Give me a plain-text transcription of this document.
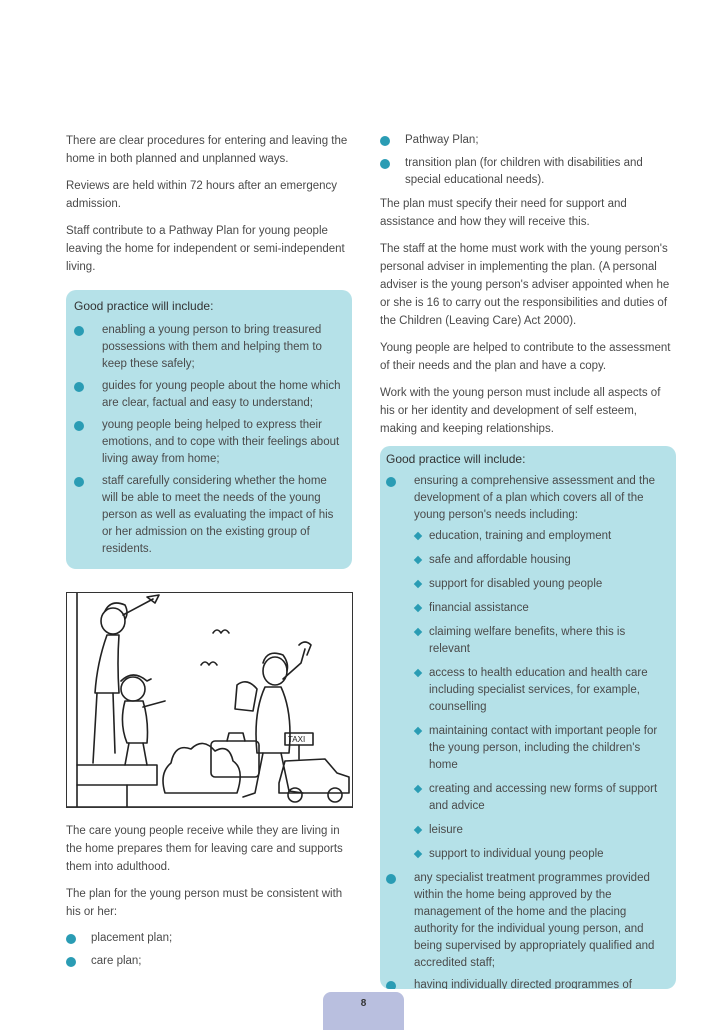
There are clear procedures for entering and leaving the home in both planned and unplanned ways.

Reviews are held within 72 hours after an emergency admission.

Staff contribute to a Pathway Plan for young people leaving the home for independent or semi-independent living.

Good practice will include:
enabling a young person to bring treasured possessions with them and helping them to keep these safely;
guides for young people about the home which are clear, factual and easy to understand;
young people being helped to express their emotions, and to cope with their feelings about living away from home;
staff carefully considering whether the home will be able to meet the needs of the young person as well as evaluating the impact of his or her admission on the existing group of residents.
TAXI

The care young people receive while they are living in the home prepares them for leaving care and supports them into adulthood.

The plan for the young person must be consistent with his or her:

placement plan;
care plan;
Pathway Plan;
transition plan (for children with disabilities and special educational needs).

The plan must specify their need for support and assistance and how they will receive this.

The staff at the home must work with the young person's personal adviser in implementing the plan. (A personal adviser is the young person's adviser appointed when he or she is 16 to carry out the responsibilities and duties of the Children (Leaving Care) Act 2000).

Young people are helped to contribute to the assessment of their needs and the plan and have a copy.

Work with the young person must include all aspects of his or her identity and development of self esteem, making and keeping relationships.

Good practice will include:
ensuring a comprehensive assessment and the development of a plan which covers all of the young person's needs including:
education, training and employment
safe and affordable housing
support for disabled young people
financial assistance
claiming welfare benefits, where this is relevant
access to health education and health care including specialist services, for example, counselling
maintaining contact with important people for the young person, including the children's home
creating and accessing new forms of support and advice
leisure
support to individual young people
any specialist treatment programmes provided within the home being approved by the management of the home and the placing authority for the individual young person, and being supervised by appropriately qualified and accredited staff;
having individually directed programmes of
8
